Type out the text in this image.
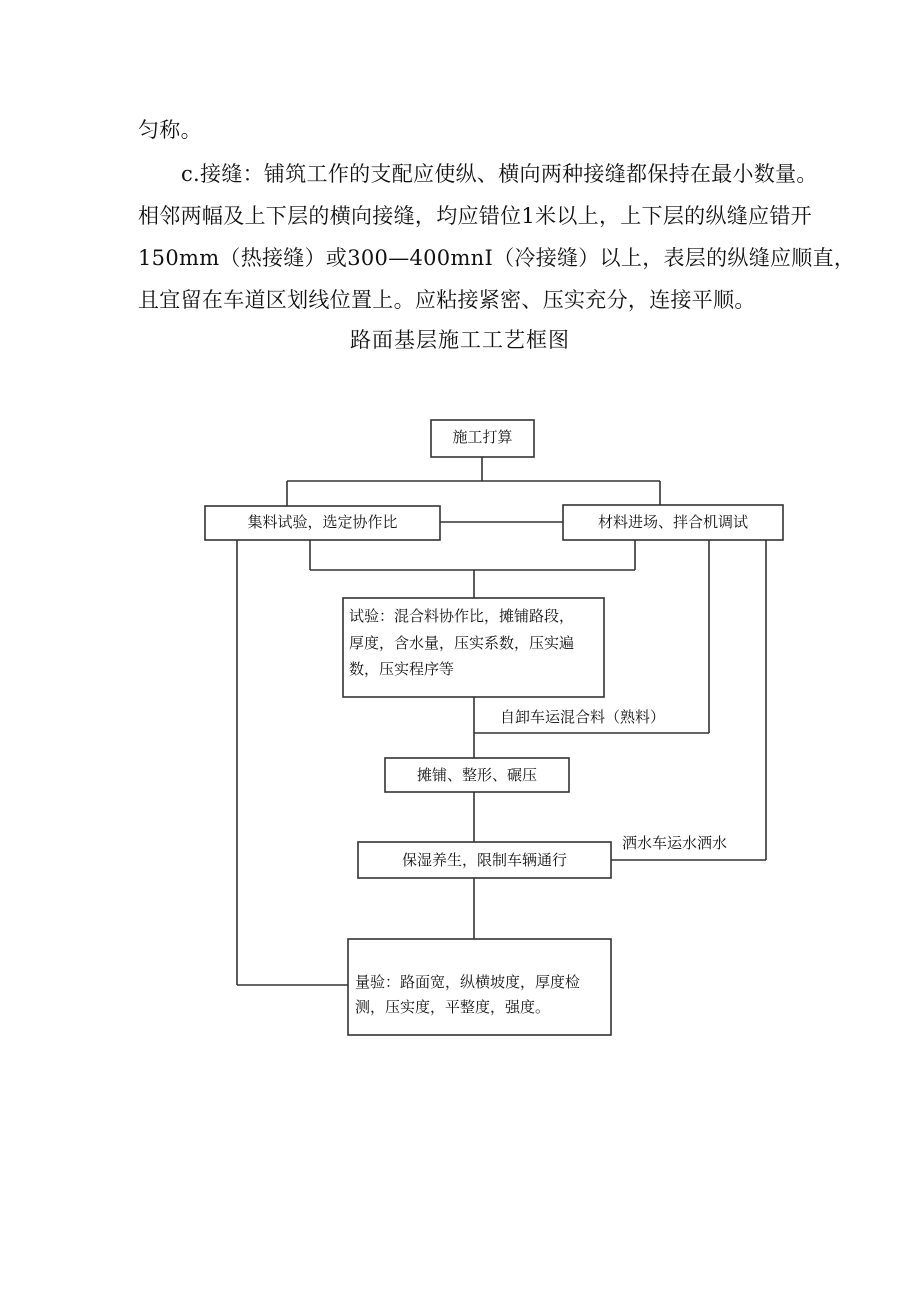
匀称。
c.接缝：铺筑工作的支配应使纵、横向两种接缝都保持在最小数量。
相邻两幅及上下层的横向接缝，均应错位1米以上，上下层的纵缝应错开
150mm（热接缝）或300—400mnI（冷接缝）以上，表层的纵缝应顺直，
且宜留在车道区划线位置上。应粘接紧密、压实充分，连接平顺。
路面基层施工工艺框图
施工打算
集料试验，选定协作比	材料进场、拌合机调试
试验：混合料协作比，摊铺路段，
厚度，含水量，压实系数，压实遍
数，压实程序等
摊铺、整形、碾压
保湿养生，限制车辆通行
量验：路面宽，纵横坡度，厚度检
测，压实度，平整度，强度。
自卸车运混合料（熟料）
洒水车运水洒水
